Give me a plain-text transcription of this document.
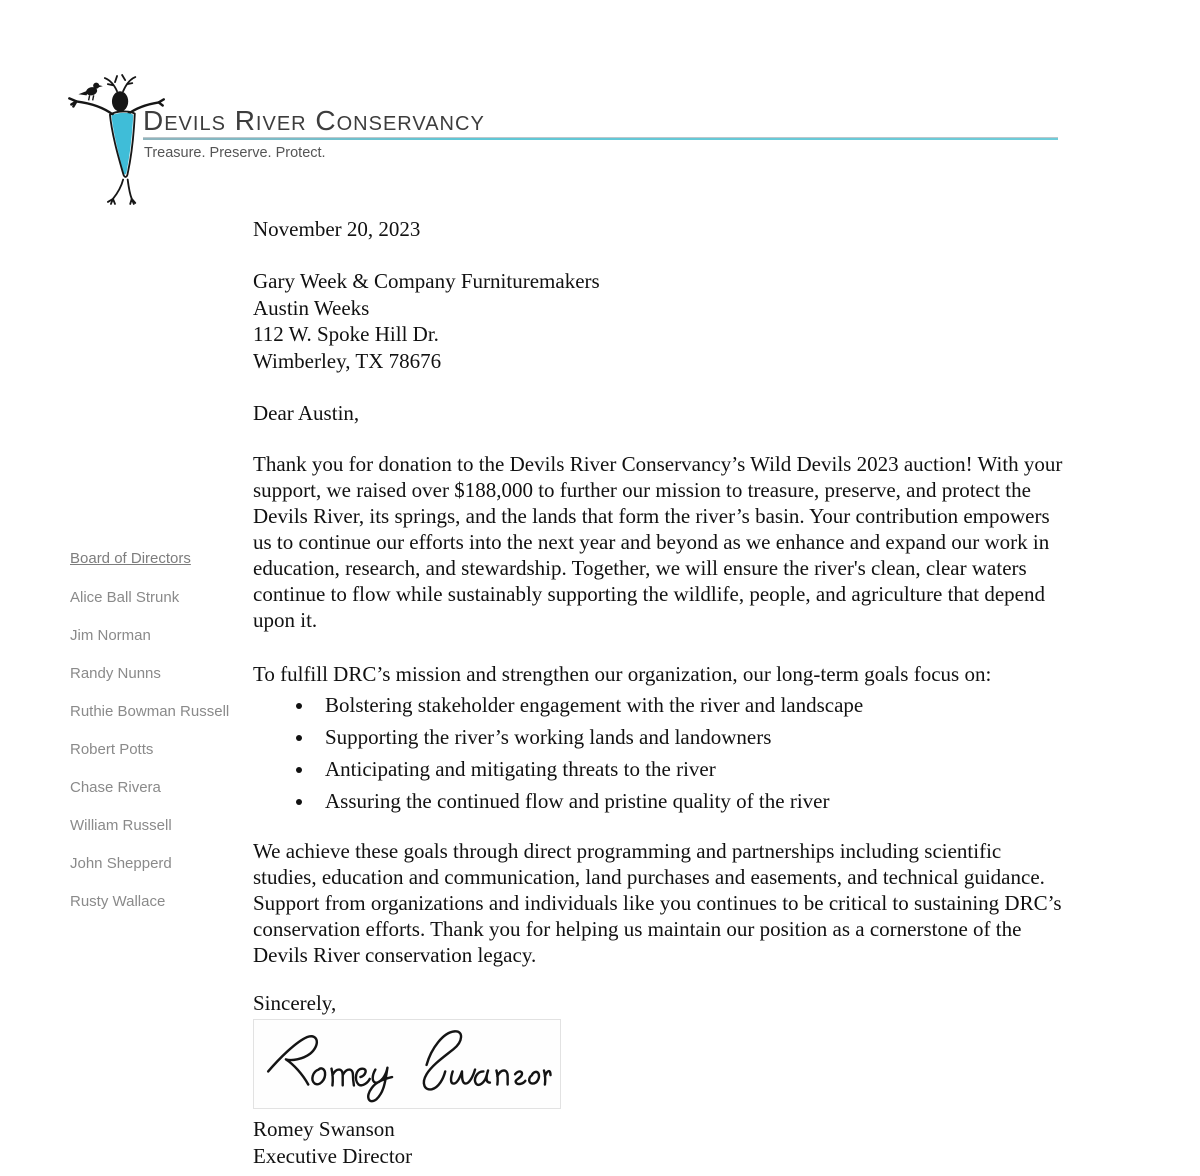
Devils River Conservancy
Treasure. Preserve. Protect.
Board of Directors
Alice Ball Strunk
Jim Norman
Randy Nunns
Ruthie Bowman Russell
Robert Potts
Chase Rivera
William Russell
John Shepperd
Rusty Wallace

November 20, 2023

Gary Week & Company Furnituremakers
Austin Weeks
112 W. Spoke Hill Dr.
Wimberley, TX 78676

Dear Austin,

Thank you for donation to the Devils River Conservancy’s Wild Devils 2023 auction! With your support, we raised over $188,000 to further our mission to treasure, preserve, and protect the Devils River, its springs, and the lands that form the river’s basin. Your contribution empowers us to continue our efforts into the next year and beyond as we enhance and expand our work in education, research, and stewardship. Together, we will ensure the river's clean, clear waters continue to flow while sustainably supporting the wildlife, people, and agriculture that depend upon it.

To fulfill DRC’s mission and strengthen our organization, our long-term goals focus on:

• Bolstering stakeholder engagement with the river and landscape
• Supporting the river’s working lands and landowners
• Anticipating and mitigating threats to the river
• Assuring the continued flow and pristine quality of the river

We achieve these goals through direct programming and partnerships including scientific studies, education and communication, land purchases and easements, and technical guidance. Support from organizations and individuals like you continues to be critical to sustaining DRC’s conservation efforts. Thank you for helping us maintain our position as a cornerstone of the Devils River conservation legacy.

Sincerely,

Romey Swanson
Executive Director
